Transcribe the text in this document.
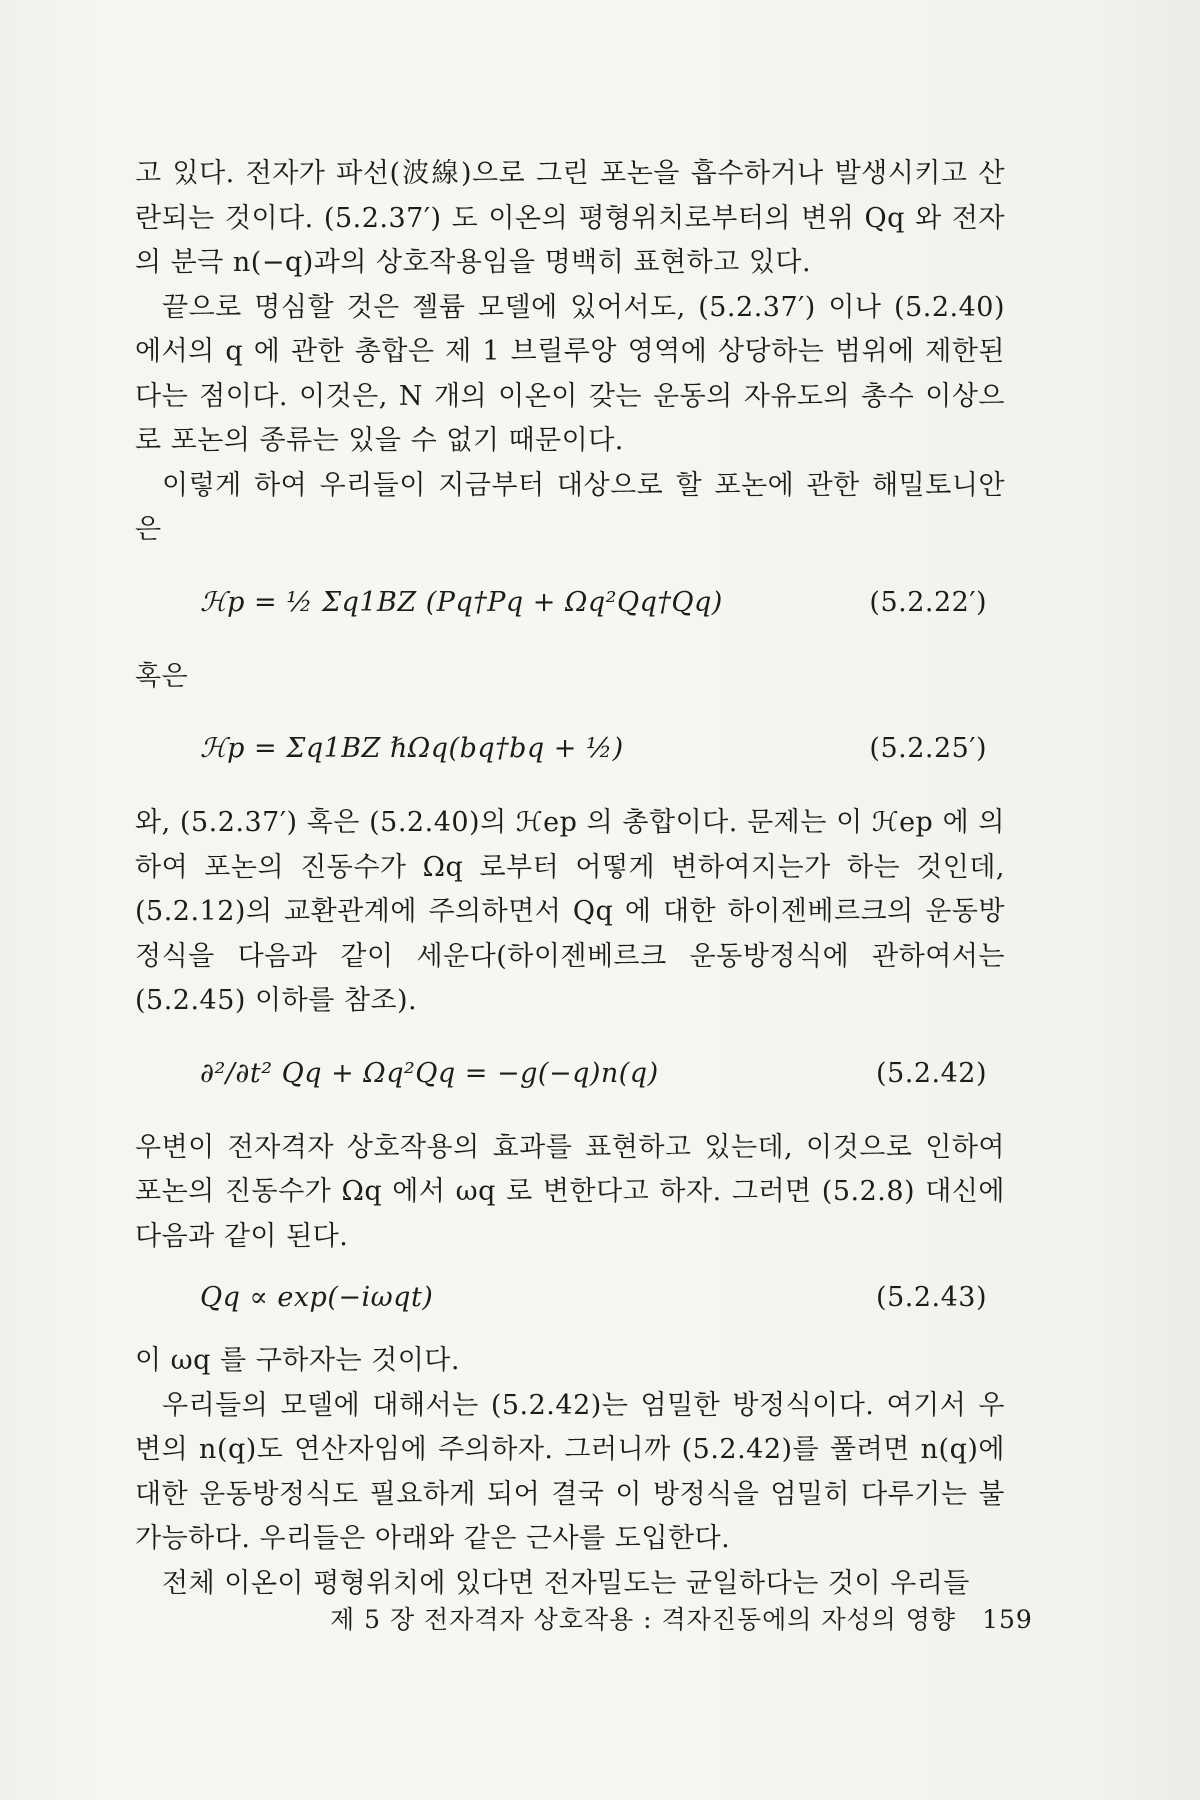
고 있다. 전자가 파선(波線)으로 그린 포논을 흡수하거나 발생시키고 산란되는 것이다. (5.2.37′) 도 이온의 평형위치로부터의 변위 Qq 와 전자의 분극 n(−q)과의 상호작용임을 명백히 표현하고 있다.

끝으로 명심할 것은 젤륨 모델에 있어서도, (5.2.37′) 이나 (5.2.40) 에서의 q 에 관한 총합은 제 1 브릴루앙 영역에 상당하는 범위에 제한된다는 점이다. 이것은, N 개의 이온이 갖는 운동의 자유도의 총수 이상으로 포논의 종류는 있을 수 없기 때문이다.

이렇게 하여 우리들이 지금부터 대상으로 할 포논에 관한 해밀토니안은

ℋp = ½ Σq1BZ (Pq†Pq + Ωq²Qq†Qq)	(5.2.22′)

혹은

ℋp = Σq1BZ ℏΩq(bq†bq + ½)	(5.2.25′)

와, (5.2.37′) 혹은 (5.2.40)의 ℋep 의 총합이다. 문제는 이 ℋep 에 의하여 포논의 진동수가 Ωq 로부터 어떻게 변하여지는가 하는 것인데, (5.2.12)의 교환관계에 주의하면서 Qq 에 대한 하이젠베르크의 운동방정식을 다음과 같이 세운다(하이젠베르크 운동방정식에 관하여서는 (5.2.45) 이하를 참조).

∂²/∂t² Qq + Ωq²Qq = −g(−q)n(q)	(5.2.42)

우변이 전자격자 상호작용의 효과를 표현하고 있는데, 이것으로 인하여 포논의 진동수가 Ωq 에서 ωq 로 변한다고 하자. 그러면 (5.2.8) 대신에 다음과 같이 된다.

Qq ∝ exp(−iωqt)	(5.2.43)

이 ωq 를 구하자는 것이다.

우리들의 모델에 대해서는 (5.2.42)는 엄밀한 방정식이다. 여기서 우변의 n(q)도 연산자임에 주의하자. 그러니까 (5.2.42)를 풀려면 n(q)에 대한 운동방정식도 필요하게 되어 결국 이 방정식을 엄밀히 다루기는 불가능하다. 우리들은 아래와 같은 근사를 도입한다.

전체 이온이 평형위치에 있다면 전자밀도는 균일하다는 것이 우리들

제 5 장 전자격자 상호작용 : 격자진동에의 자성의 영향 159
